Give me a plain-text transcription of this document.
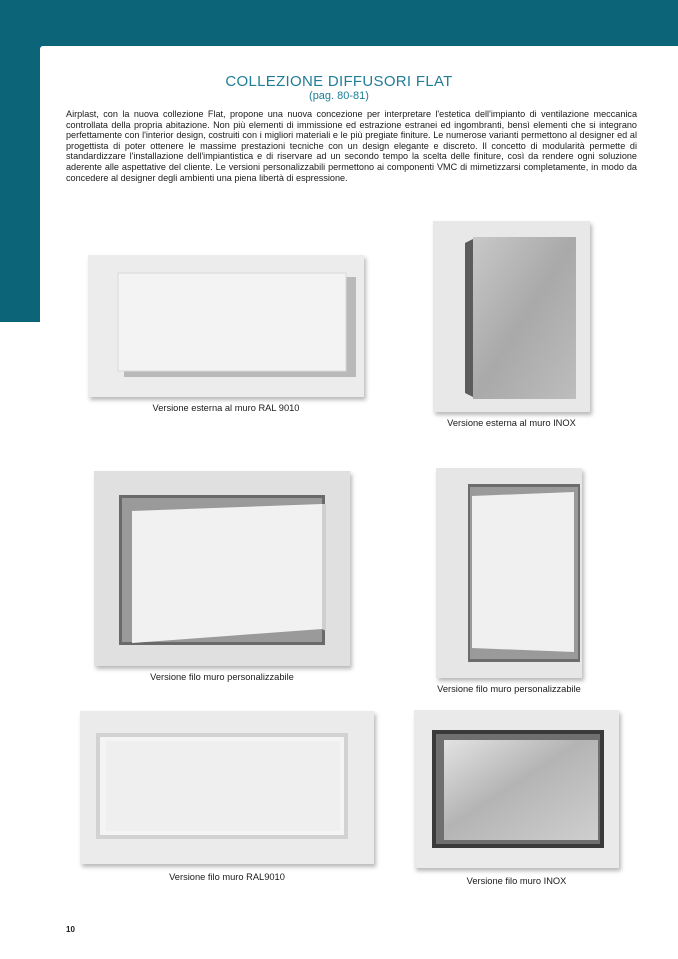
COLLEZIONE DIFFUSORI FLAT

(pag. 80-81)

Airplast, con la nuova collezione Flat, propone una nuova concezione per interpretare l'estetica dell'impianto di ventilazione meccanica controllata della propria abitazione. Non più elementi di immissione ed estrazione estranei ed ingombranti, bensì elementi che si integrano perfettamente con l'interior design, costruiti con i migliori materiali e le più pregiate finiture. Le numerose varianti permettono al designer ed al progettista di poter ottenere le massime prestazioni tecniche con un design elegante e discreto. Il concetto di modularità permette di standardizzare l'installazione dell'impiantistica e di riservare ad un secondo tempo la scelta delle finiture, così da rendere ogni soluzione aderente alle aspettative del cliente. Le versioni personalizzabili permettono ai componenti VMC di mimetizzarsi completamente, in modo da concedere al designer degli ambienti una piena libertà di espressione.

Versione esterna al muro RAL 9010

Versione esterna al muro INOX

Versione filo muro personalizzabile

Versione filo muro personalizzabile

Versione filo muro RAL9010	Versione filo muro INOX

10
